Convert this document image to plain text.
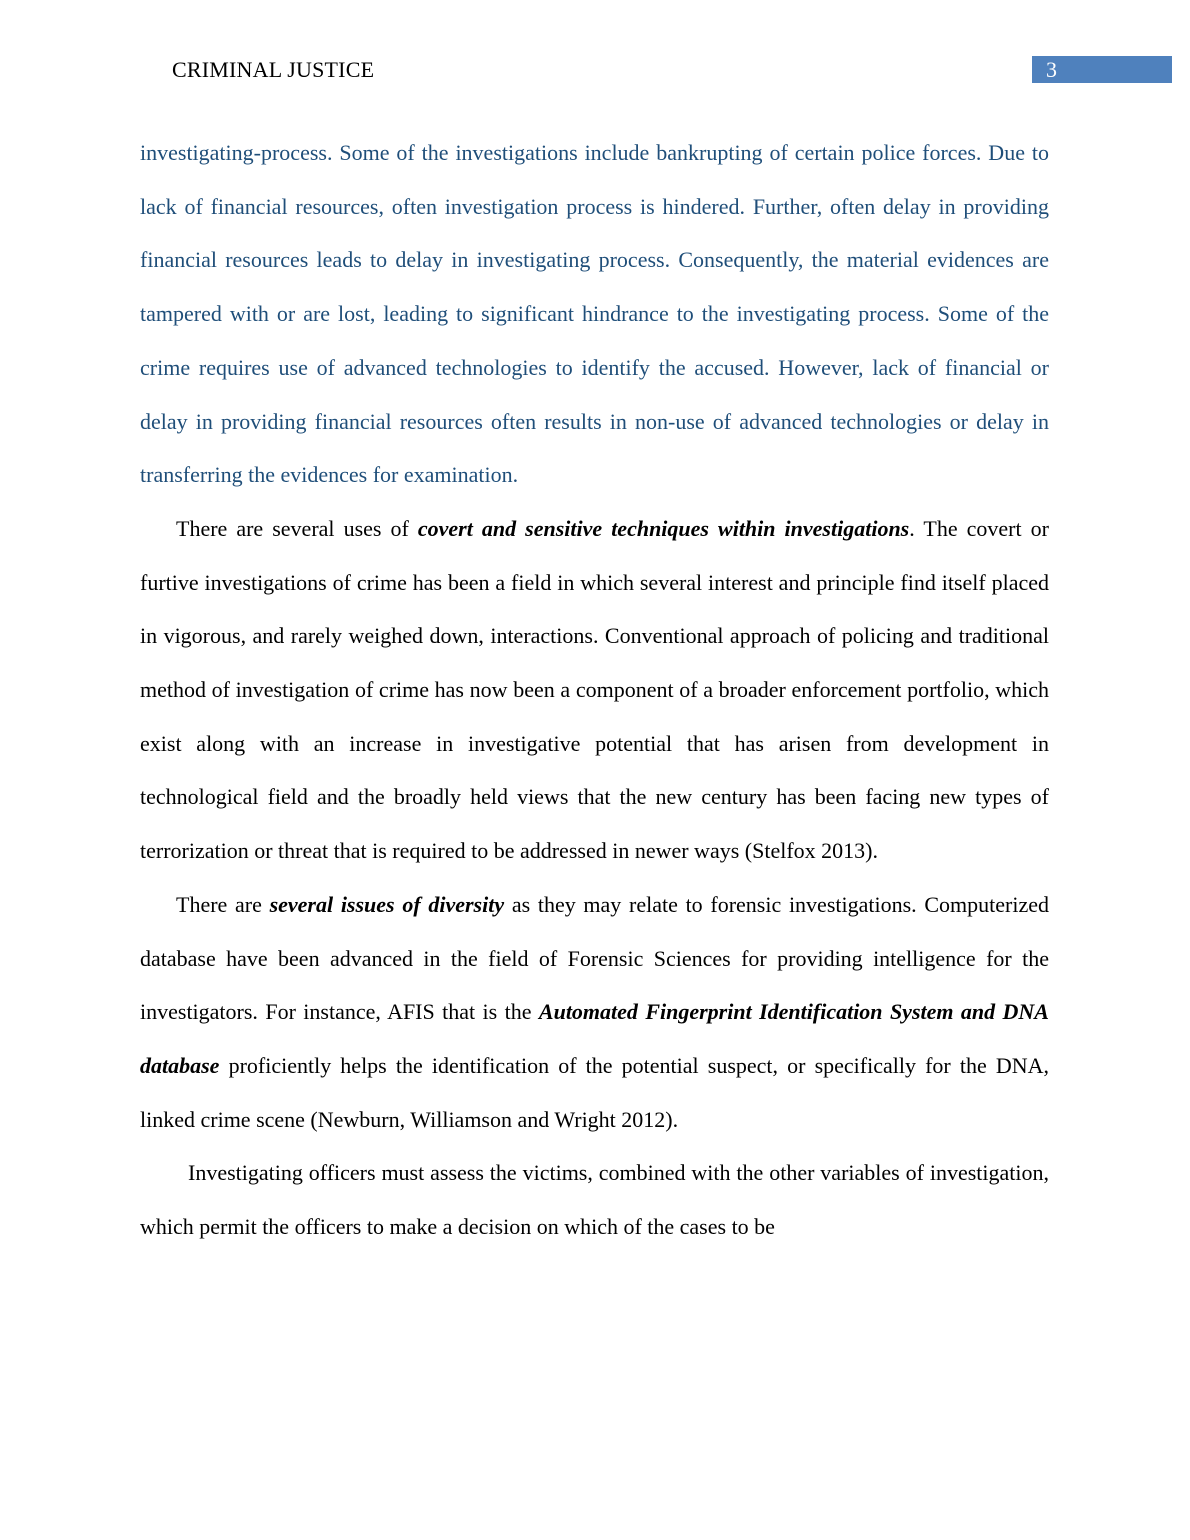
CRIMINAL JUSTICE	3

investigating-process. Some of the investigations include bankrupting of certain police forces. Due to lack of financial resources, often investigation process is hindered. Further, often delay in providing financial resources leads to delay in investigating process. Consequently, the material evidences are tampered with or are lost, leading to significant hindrance to the investigating process. Some of the crime requires use of advanced technologies to identify the accused. However, lack of financial or delay in providing financial resources often results in non-use of advanced technologies or delay in transferring the evidences for examination.

There are several uses of covert and sensitive techniques within investigations. The covert or furtive investigations of crime has been a field in which several interest and principle find itself placed in vigorous, and rarely weighed down, interactions. Conventional approach of policing and traditional method of investigation of crime has now been a component of a broader enforcement portfolio, which exist along with an increase in investigative potential that has arisen from development in technological field and the broadly held views that the new century has been facing new types of terrorization or threat that is required to be addressed in newer ways (Stelfox 2013).

There are several issues of diversity as they may relate to forensic investigations. Computerized database have been advanced in the field of Forensic Sciences for providing intelligence for the investigators. For instance, AFIS that is the Automated Fingerprint Identification System and DNA database proficiently helps the identification of the potential suspect, or specifically for the DNA, linked crime scene (Newburn, Williamson and Wright 2012).

Investigating officers must assess the victims, combined with the other variables of investigation, which permit the officers to make a decision on which of the cases to be
